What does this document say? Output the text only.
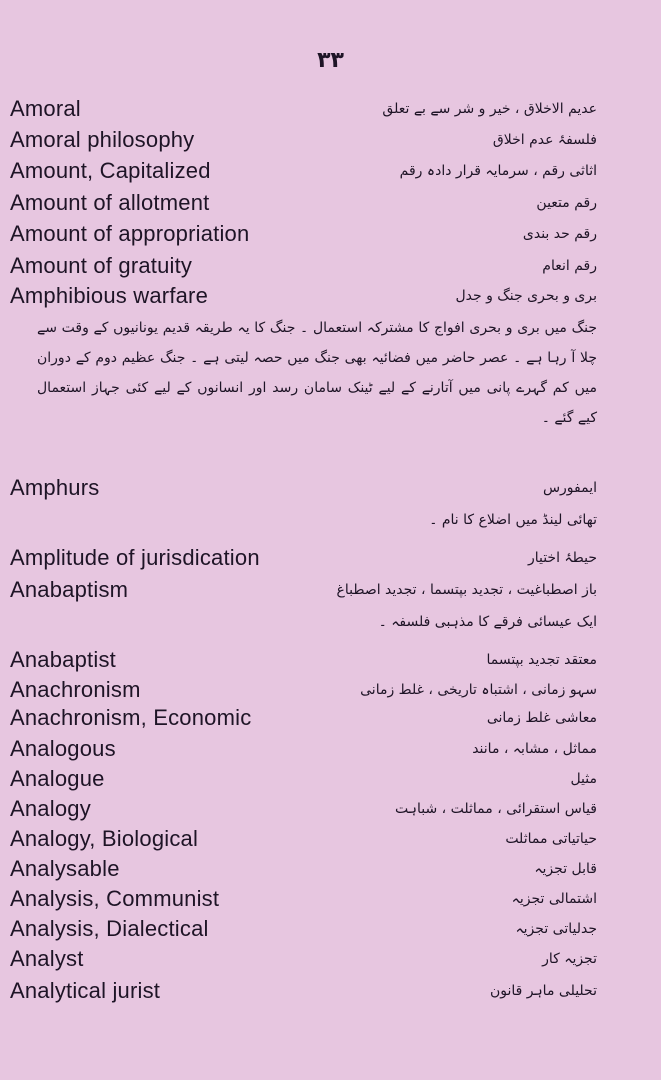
۳۳
Amoral	عدیم الاخلاق ، خیر و شر سے بے تعلق
Amoral philosophy	فلسفۂ عدم اخلاق
Amount, Capitalized	اثاثی رقم ، سرمایہ قرار دادہ رقم
Amount of allotment	رقم متعین
Amount of appropriation	رقم حد بندی
Amount of gratuity	رقم انعام
Amphibious warfare	بری و بحری جنگ و جدل
جنگ میں بری و بحری افواج کا مشترکہ استعمال ۔ جنگ کا یہ طریقہ قدیم یونانیوں کے وقت سے چلا آ رہا ہے ۔ عصر حاضر میں فضائیہ بھی جنگ میں حصہ لیتی ہے ۔ جنگ عظیم دوم کے دوران میں کم گہرے پانی میں آتارنے کے لیے ٹینک سامان رسد اور انسانوں کے لیے کئی جہاز استعمال کیے گئے ۔
Amphurs	ایمفورس
تھائی لینڈ میں اضلاع کا نام ۔
Amplitude of jurisdication	حیطۂ اختیار
Anabaptism	باز اصطباغیت ، تجدید بپتسما ، تجدید اصطباغ
ایک عیسائی فرقے کا مذہبی فلسفہ ۔
Anabaptist	معتقد تجدید بپتسما
Anachronism	سہو زمانی ، اشتباہ تاریخی ، غلط زمانی
Anachronism, Economic	معاشی غلط زمانی
Analogous	مماثل ، مشابہ ، مانند
Analogue	مثیل
Analogy	قیاس استقرائی ، مماثلت ، شباہت
Analogy, Biological	حیاتیاتی مماثلت
Analysable	قابل تجزیہ
Analysis, Communist	اشتمالی تجزیہ
Analysis, Dialectical	جدلیاتی تجزیہ
Analyst	تجزیہ کار
Analytical jurist	تحلیلی ماہر قانون
